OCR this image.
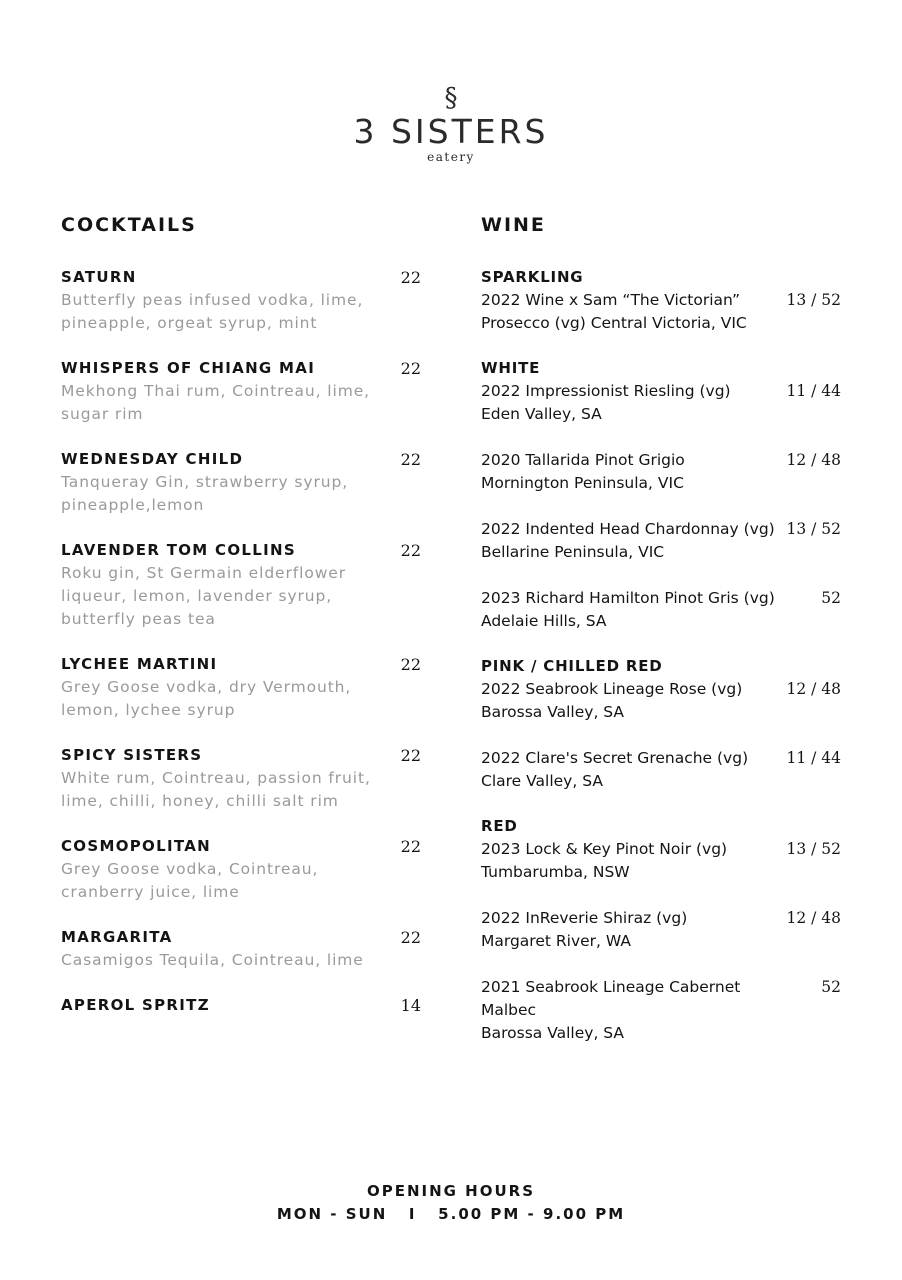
§
3 SISTERS
eatery
COCKTAILS
SATURN	22
Butterfly peas infused vodka, lime, pineapple, orgeat syrup, mint
WHISPERS OF CHIANG MAI	22
Mekhong Thai rum, Cointreau, lime, sugar rim
WEDNESDAY CHILD	22
Tanqueray Gin, strawberry syrup, pineapple,lemon
LAVENDER TOM COLLINS	22
Roku gin, St Germain elderflower liqueur, lemon, lavender syrup, butterfly peas tea
LYCHEE MARTINI	22
Grey Goose vodka, dry Vermouth, lemon, lychee syrup
SPICY SISTERS	22
White rum, Cointreau, passion fruit, lime, chilli, honey, chilli salt rim
COSMOPOLITAN	22
Grey Goose vodka, Cointreau, cranberry juice, lime
MARGARITA	22
Casamigos Tequila, Cointreau, lime
APEROL SPRITZ	14
WINE
SPARKLING
2022 Wine x Sam “The Victorian”
Prosecco (vg) Central Victoria, VIC
13 / 52
WHITE
2022 Impressionist Riesling (vg)
Eden Valley, SA
11 / 44
2020 Tallarida Pinot Grigio
Mornington Peninsula, VIC
12 / 48
2022 Indented Head Chardonnay (vg)
Bellarine Peninsula, VIC
13 / 52
2023 Richard Hamilton Pinot Gris (vg)
Adelaie Hills, SA
52
PINK / CHILLED RED
2022 Seabrook Lineage Rose (vg)
Barossa Valley, SA
12 / 48
2022 Clare's Secret Grenache (vg)
Clare Valley, SA
11 / 44
RED
2023 Lock & Key Pinot Noir (vg)
Tumbarumba, NSW
13 / 52
2022 InReverie Shiraz (vg)
Margaret River, WA
12 / 48
2021 Seabrook Lineage Cabernet Malbec
Barossa Valley, SA
52
OPENING HOURS
MON - SUN   I   5.00 PM - 9.00 PM
